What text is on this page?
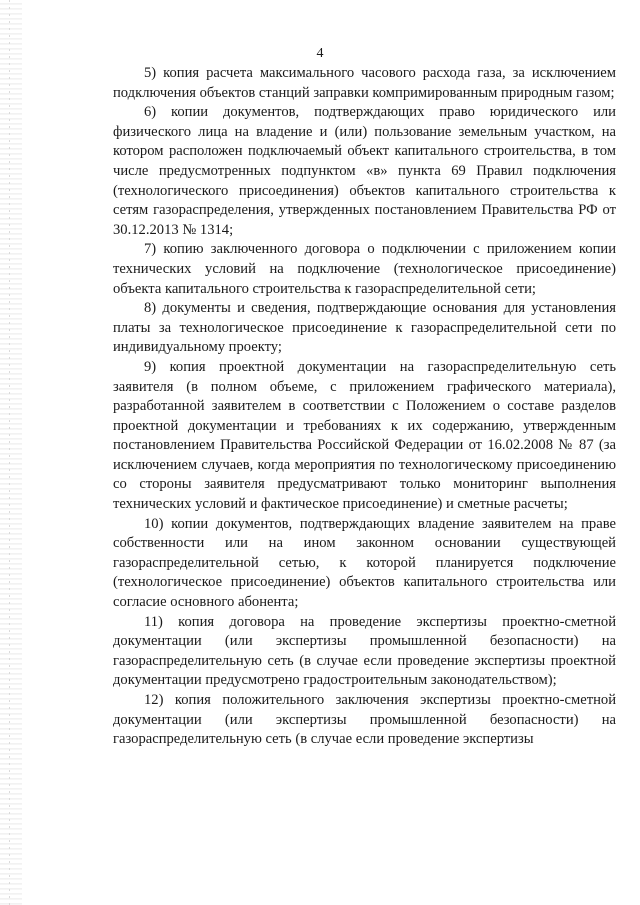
4

5) копия расчета максимального часового расхода газа, за исключением подключения объектов станций заправки компримированным природным газом;

6) копии документов, подтверждающих право юридического или физического лица на владение и (или) пользование земельным участком, на котором расположен подключаемый объект капитального строительства, в том числе предусмотренных подпунктом «в» пункта 69 Правил подключения (технологического присоединения) объектов капитального строительства к сетям газораспределения, утвержденных постановлением Правительства РФ от 30.12.2013 № 1314;

7) копию заключенного договора о подключении с приложением копии технических условий на подключение (технологическое присоединение) объекта капитального строительства к газораспределительной сети;

8) документы и сведения, подтверждающие основания для установления платы за технологическое присоединение к газораспределительной сети по индивидуальному проекту;

9) копия проектной документации на газораспределительную сеть заявителя (в полном объеме, с приложением графического материала), разработанной заявителем в соответствии с Положением о составе разделов проектной документации и требованиях к их содержанию, утвержденным постановлением Правительства Российской Федерации от 16.02.2008 № 87 (за исключением случаев, когда мероприятия по технологическому присоединению со стороны заявителя предусматривают только мониторинг выполнения технических условий и фактическое присоединение) и сметные расчеты;

10) копии документов, подтверждающих владение заявителем на праве собственности или на ином законном основании существующей газораспределительной сетью, к которой планируется подключение (технологическое присоединение) объектов капитального строительства или согласие основного абонента;

11) копия договора на проведение экспертизы проектно-сметной документации (или экспертизы промышленной безопасности) на газораспределительную сеть (в случае если проведение экспертизы проектной документации предусмотрено градостроительным законодательством);

12) копия положительного заключения экспертизы проектно-сметной документации (или экспертизы промышленной безопасности) на газораспределительную сеть (в случае если проведение экспертизы
